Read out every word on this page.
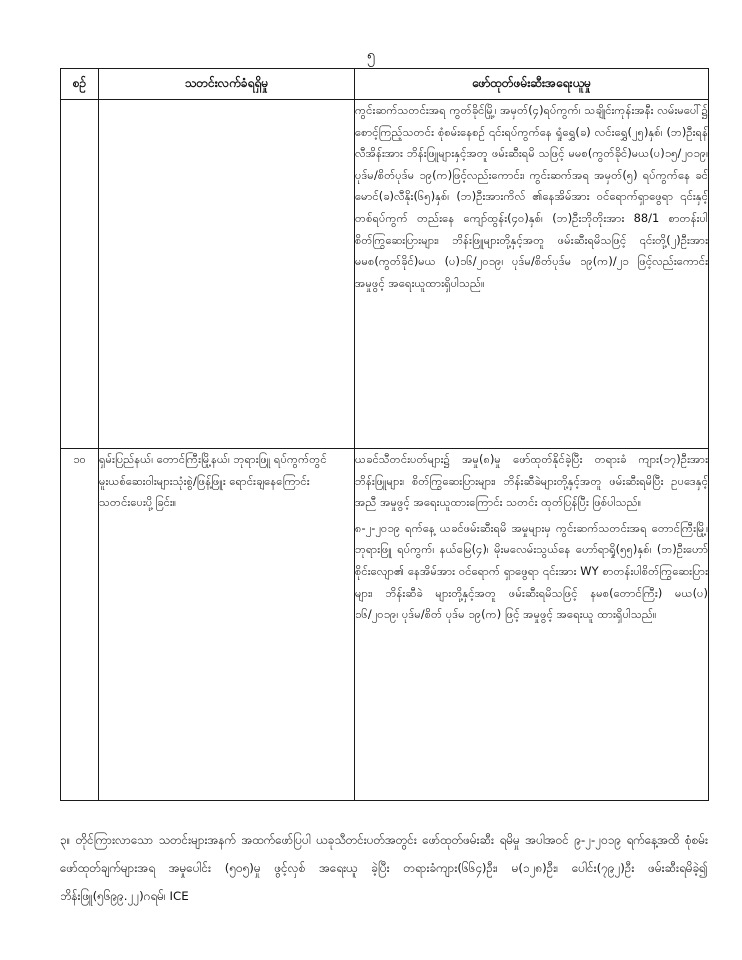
၅
စဉ်	သတင်းလက်ခံရရှိမှု	ဖော်ထုတ်ဖမ်းဆီးအရေးယူမှု

		ကွင်းဆက်သတင်းအရ ကွတ်ခိုင်မြို့၊ အမှတ်(၄)ရပ်ကွက်၊ သချိုင်းကုန်းအနီး လမ်းမပေါ်၌ စောင့်ကြည့်သတင်း စုံစမ်းနေစဉ် ၎င်းရပ်ကွက်နေ ရှုံရွှေ(ခ) လင်းရွှေ(၂၅)နှစ်၊ (ဘ)ဦးရန်လီအိန်းအား ဘိန်းဖြူများနှင့်အတူ ဖမ်းဆီးရမိ သဖြင့် မမစ(ကွတ်ခိုင်)မယ(ပ)၁၅/၂၀၁၉၊ ပုဒ်မ/စိတ်ပုဒ်မ ၁၉(က)ဖြင့်လည်းကောင်း၊ ကွင်းဆက်အရ အမှတ်(၅) ရပ်ကွက်နေ ခင်မောင်(ခ)လီနိုး(၆၅)နှစ်၊ (ဘ)ဦးအားကိလ် ၏နေအိမ်အား ဝင်ရောက်ရှာဖွေရာ ၎င်းနှင့် တစ်ရပ်ကွက် တည်းနေ ကျော်ထွန်း(၄၀)နှစ်၊ (ဘ)ဦးဘိုတိုးအား 88/1 စာတန်းပါ စိတ်ကြွဆေးပြားများ၊ ဘိန်းဖြူများတို့နှင့်အတူ ဖမ်းဆီးရမိသဖြင့် ၎င်းတို့(၂)ဦးအား မမစ(ကွတ်ခိုင်)မယ (ပ)၁၆/၂၀၁၉၊ ပုဒ်မ/စိတ်ပုဒ်မ ၁၉(က)/၂၁ ဖြင့်လည်းကောင်း အမှုဖွင့် အရေးယူထားရှိပါသည်။

၁၀	ရှမ်းပြည်နယ်၊ တောင်ကြီးမြို့နယ်၊ ဘုရားဖြူ ရပ်ကွက်တွင် မူးယစ်ဆေးဝါးများသုံးစွဲ/ဖြန့်ဖြူး ရောင်းချနေကြောင်း သတင်းပေးပို့ခြင်း။	ယခင်သီတင်းပတ်များ၌ အမှု(၈)မှု ဖော်ထုတ်နိုင်ခဲ့ပြီး တရားခံ ကျား(၁၇)ဦးအား ဘိန်းဖြူများ၊ စိတ်ကြွဆေးပြားများ၊ ဘိန်းဆီခဲများတို့နှင့်အတူ ဖမ်းဆီးရမိပြီး ဥပဒေနှင့်အညီ အမှုဖွင့် အရေးယူထားကြောင်း သတင်း ထုတ်ပြန်ပြီး ဖြစ်ပါသည်။

၈-၂-၂၀၁၉ ရက်နေ့ ယခင်ဖမ်းဆီးရမိ အမှုများမှ ကွင်းဆက်သတင်းအရ တောင်ကြီးမြို့၊ ဘုရားဖြူ ရပ်ကွက်၊ နယ်မြေ(၄)၊ မိုးမလေမ်းသွယ်နေ ဟော်ရာရှို(၅၅)နှစ်၊ (ဘ)ဦးဟော်စိုင်းလျော၏ နေအိမ်အား ဝင်ရောက် ရှာဖွေရာ ၎င်းအား WY စာတန်းပါစိတ်ကြွဆေးပြားများ၊ ဘိန်းဆီခဲ များတို့နှင့်အတူ ဖမ်းဆီးရမိသဖြင့် နမစ(တောင်ကြီး) မယ(ပ) ၁၆/၂၀၁၉၊ ပုဒ်မ/စိတ် ပုဒ်မ ၁၉(က) ဖြင့် အမှုဖွင့် အရေးယူ ထားရှိပါသည်။

၃။ တိုင်ကြားလာသော သတင်းများအနက် အထက်ဖော်ပြပါ ယခုသီတင်းပတ်အတွင်း ဖော်ထုတ်ဖမ်းဆီး ရမိမှု အပါအဝင် ၉-၂-၂၀၁၉ ရက်နေ့အထိ စုံစမ်းဖော်ထုတ်ချက်များအရ အမှုပေါင်း (၅၀၅)မှု ဖွင့်လှစ် အရေးယူ ခဲ့ပြီး တရားခံကျား(၆၆၄)ဦး၊ မ(၁၂၈)ဦး၊ ပေါင်း(၇၉၂)ဦး ဖမ်းဆီးရမိခဲ့၍ ဘိန်းဖြူ(၅၆၉၉.၂၂)ဂရမ်၊ ICE
